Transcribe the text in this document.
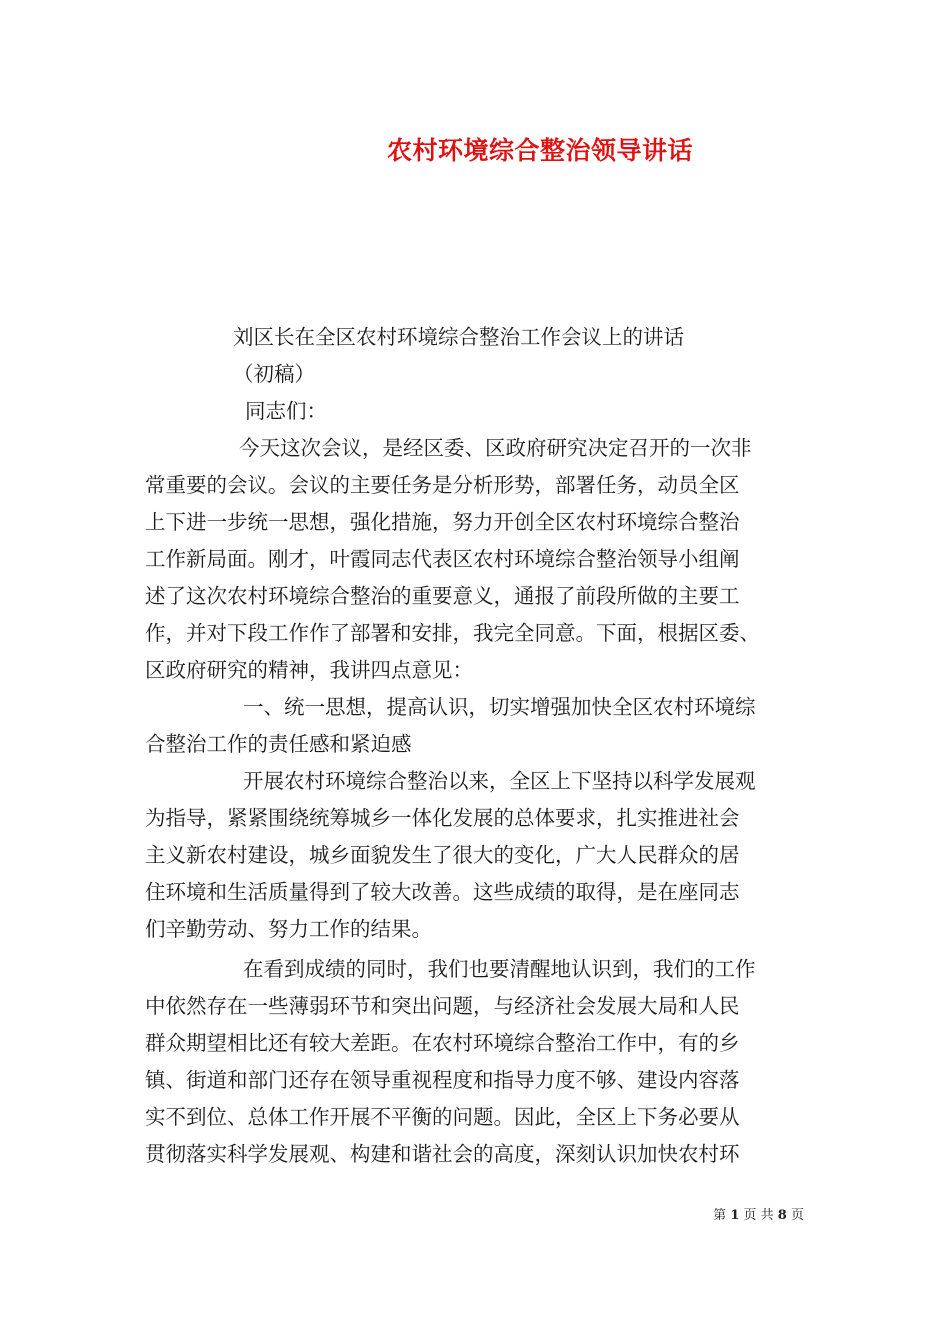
农村环境综合整治领导讲话

刘区长在全区农村环境综合整治工作会议上的讲话

（初稿）

同志们：

今天这次会议，是经区委、区政府研究决定召开的一次非

常重要的会议。会议的主要任务是分析形势，部署任务，动员全区

上下进一步统一思想，强化措施，努力开创全区农村环境综合整治

工作新局面。刚才，叶霞同志代表区农村环境综合整治领导小组阐

述了这次农村环境综合整治的重要意义，通报了前段所做的主要工

作，并对下段工作作了部署和安排，我完全同意。下面，根据区委、

区政府研究的精神，我讲四点意见：

一、统一思想，提高认识，切实增强加快全区农村环境综

合整治工作的责任感和紧迫感

开展农村环境综合整治以来，全区上下坚持以科学发展观

为指导，紧紧围绕统筹城乡一体化发展的总体要求，扎实推进社会

主义新农村建设，城乡面貌发生了很大的变化，广大人民群众的居

住环境和生活质量得到了较大改善。这些成绩的取得，是在座同志

们辛勤劳动、努力工作的结果。

在看到成绩的同时，我们也要清醒地认识到，我们的工作

中依然存在一些薄弱环节和突出问题，与经济社会发展大局和人民

群众期望相比还有较大差距。在农村环境综合整治工作中，有的乡

镇、街道和部门还存在领导重视程度和指导力度不够、建设内容落

实不到位、总体工作开展不平衡的问题。因此，全区上下务必要从

贯彻落实科学发展观、构建和谐社会的高度，深刻认识加快农村环

第 1 页 共 8 页
